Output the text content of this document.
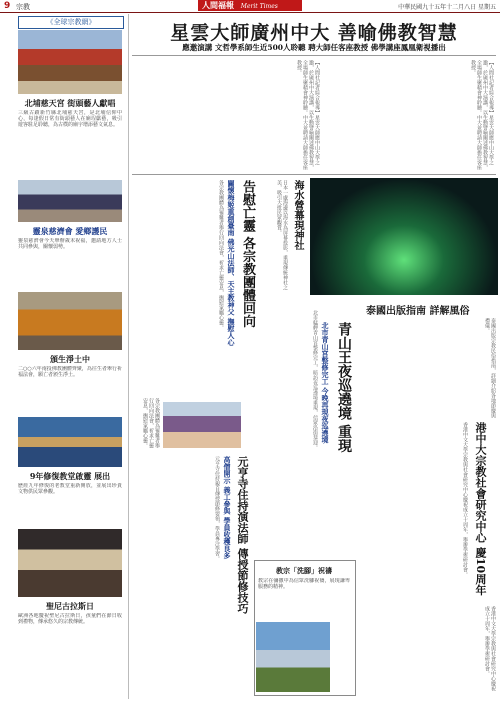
9 宗教	人間福報 Merit Times	中華民國九十五年十二月八日 星期五
《全球宗教網》
北埔慈天宮 街頭藝人獻唱
三級古蹟新竹縣北埔慈天宮，是北埔信仰中心，每逢假日常有街頭藝人在廟埕獻藝，吸引遊客駐足聆聽，為古樸的廟宇增添藝文氣息。
靈泉慈濟會 愛鄉護民
靈泉慈濟會今天舉辦歲末祝福，邀請地方人士共同參與，關懷弱勢。
頒生淨土中
二○○六年南投佛教團體齊聚，為往生者舉行祈福法會，願亡者頒生淨土。
9年修復教堂啟靈 展出
歷經九年修復的老教堂重新開放，並展出珍貴文物供民眾參觀。
聖尼古拉斯日
歐洲各地慶祝聖尼古拉斯日，孩童們在節日收到禮物，傳承悠久的宗教傳統。
星雲大師廣州中大 善喻佛教智慧
應邀演講 文哲學系師生近500人聆聽 聘大師任客座教授 佛學講座鳳凰衛視播出
【人間社記者綜合報導】星雲大師應中山大學之邀，於廣州中大演講，以生動譬喻闡述佛教智慧，全場師生聚精會神聆聽。中大並聘請大師擔任客座教授。	【人間社記者綜合報導】星雲大師應中山大學之邀，於廣州中大演講，以生動譬喻闡述佛教智慧，全場師生聚精會神聆聽。中大並聘請大師擔任客座教授。
各宗教團體為罹難者舉行回向法會，祈求亡靈安息，撫慰家屬心靈。 關懷梅姬重創臺南 佛光山法師、天主教神父 撫慰人心 告慰亡靈 各宗教團體回向	海水營幕現神社
日本一處海邊以海水為屏幕投影，重現傳統神社之美，吸引大批民眾觀賞。
各宗教團體為罹難者舉行回向法會，祈求亡靈安息，撫慰家屬心靈。
元亨寺住持演法師 傳授節修技巧
高僧開示 義工參與 學員收穫良多
元亨寺住持親自傳授節修要領，學員專注學習。
青山王夜巡遶境 重現
北市青山宮整修完工 今晚再現夜巡遶境
北市艋舺青山宮整修完工，暗訪夜巡遶境重現，信眾沿街恭迎。	泰國出版指南 詳解風俗
泰國出版宗教民俗指南，詳細介紹各地節慶與禮儀。
港中大宗教社會研究中心 慶10周年
香港中文大學宗教與社會研究中心慶祝成立十周年，舉辦學術研討會。
教宗「洗腳」祝禱
教宗在彌撒中為信眾洗腳祝禱，展現謙卑服務的精神。
香港中文大學宗教與社會研究中心慶祝成立十周年，舉辦學術研討會。
